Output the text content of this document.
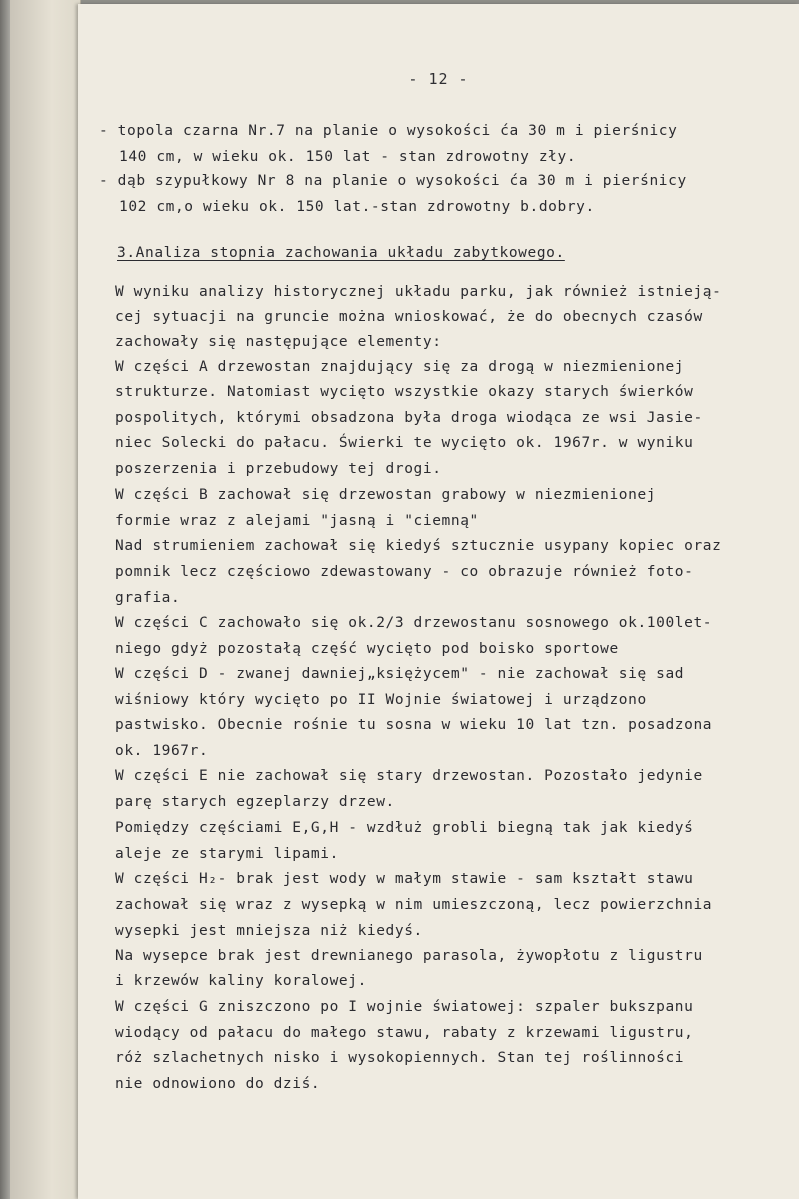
- 12 -
- topola czarna Nr.7 na planie o wysokości ća 30 m i pierśnicy
140 cm, w wieku ok. 150 lat - stan zdrowotny zły.
- dąb szypułkowy Nr 8 na planie o wysokości ća 30 m i pierśnicy
102 cm,o wieku ok. 150 lat.-stan zdrowotny b.dobry.
3.Analiza stopnia zachowania układu zabytkowego.
W wyniku analizy historycznej układu parku, jak również istnieją-
cej sytuacji na gruncie można wnioskować, że do obecnych czasów
zachowały się następujące elementy:
W części A drzewostan znajdujący się za drogą w niezmienionej
strukturze. Natomiast wycięto wszystkie okazy starych świerków
pospolitych, którymi obsadzona była droga wiodąca ze wsi Jasie-
niec Solecki do pałacu. Świerki te wycięto ok. 1967r. w wyniku
poszerzenia i przebudowy tej drogi.
W części B zachował się drzewostan grabowy w niezmienionej
formie wraz z alejami "jasną i "ciemną"
Nad strumieniem zachował się kiedyś sztucznie usypany kopiec oraz
pomnik lecz częściowo zdewastowany - co obrazuje również foto-
grafia.
W części C zachowało się ok.2/3 drzewostanu sosnowego ok.100let-
niego gdyż pozostałą część wycięto pod boisko sportowe
W części D - zwanej dawniej„księżycem" - nie zachował się sad
wiśniowy który wycięto po II Wojnie światowej i urządzono
pastwisko. Obecnie rośnie tu sosna w wieku 10 lat tzn. posadzona
ok. 1967r.
W części E nie zachował się stary drzewostan. Pozostało jedynie
parę starych egzeplarzy drzew.
Pomiędzy częściami E,G,H - wzdłuż grobli biegną tak jak kiedyś
aleje ze starymi lipami.
W części H₂- brak jest wody w małym stawie - sam kształt stawu
zachował się wraz z wysepką w nim umieszczoną, lecz powierzchnia
wysepki jest mniejsza niż kiedyś.
Na wysepce brak jest drewnianego parasola, żywopłotu z ligustru
i krzewów kaliny koralowej.
W części G zniszczono po I wojnie światowej: szpaler bukszpanu
wiodący od pałacu do małego stawu, rabaty z krzewami ligustru,
róż szlachetnych nisko i wysokopiennych. Stan tej roślinności
nie odnowiono do dziś.
